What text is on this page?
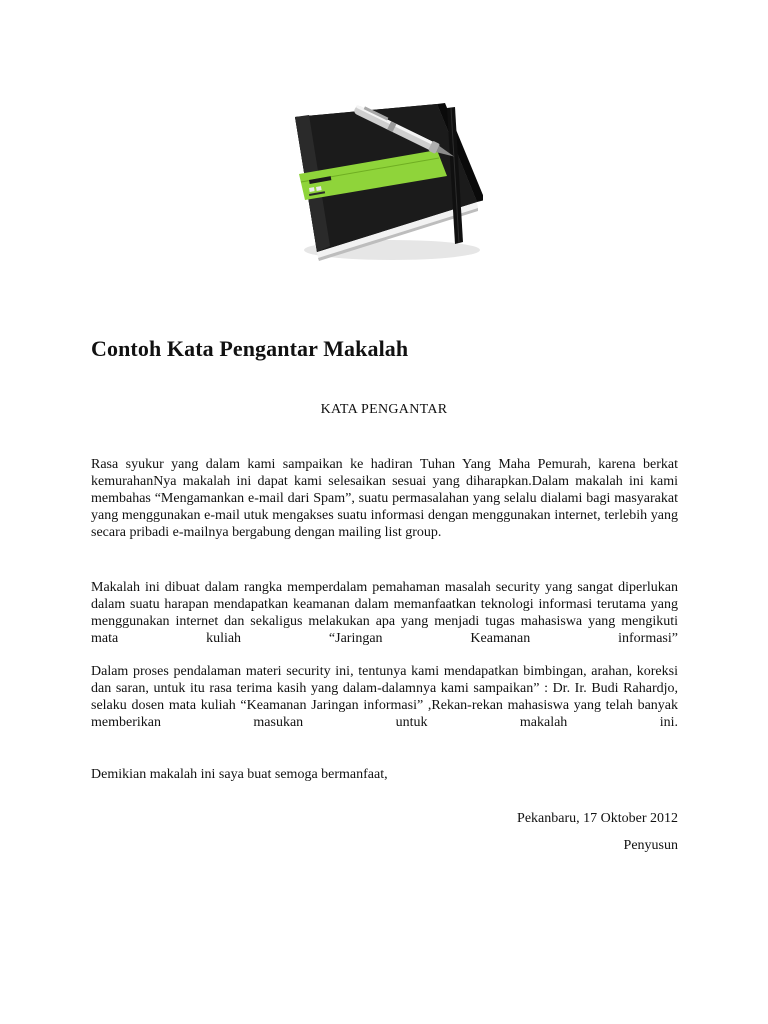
Contoh Kata Pengantar Makalah
KATA PENGANTAR
Rasa syukur yang dalam kami sampaikan ke hadiran Tuhan Yang Maha Pemurah, karena berkat kemurahanNya makalah ini dapat kami selesaikan sesuai yang diharapkan.Dalam makalah ini kami membahas “Mengamankan e-mail dari Spam”, suatu permasalahan yang selalu dialami bagi masyarakat yang menggunakan e-mail utuk mengakses suatu informasi dengan menggunakan internet, terlebih yang secara pribadi e-mailnya bergabung dengan mailing list group.
Makalah ini dibuat dalam rangka memperdalam pemahaman masalah security yang sangat diperlukan dalam suatu harapan mendapatkan keamanan dalam memanfaatkan teknologi informasi terutama yang menggunakan internet dan sekaligus melakukan apa yang menjadi tugas mahasiswa yang mengikuti mata kuliah “Jaringan Keamanan informasi”
Dalam proses pendalaman materi security ini, tentunya kami mendapatkan bimbingan, arahan, koreksi dan saran, untuk itu rasa terima kasih yang dalam-dalamnya kami sampaikan” : Dr. Ir. Budi Rahardjo, selaku dosen mata kuliah “Keamanan Jaringan informasi” ,Rekan-rekan mahasiswa yang telah banyak memberikan masukan untuk makalah ini.
Demikian makalah ini saya buat semoga bermanfaat,
Pekanbaru, 17 Oktober 2012
Penyusun
